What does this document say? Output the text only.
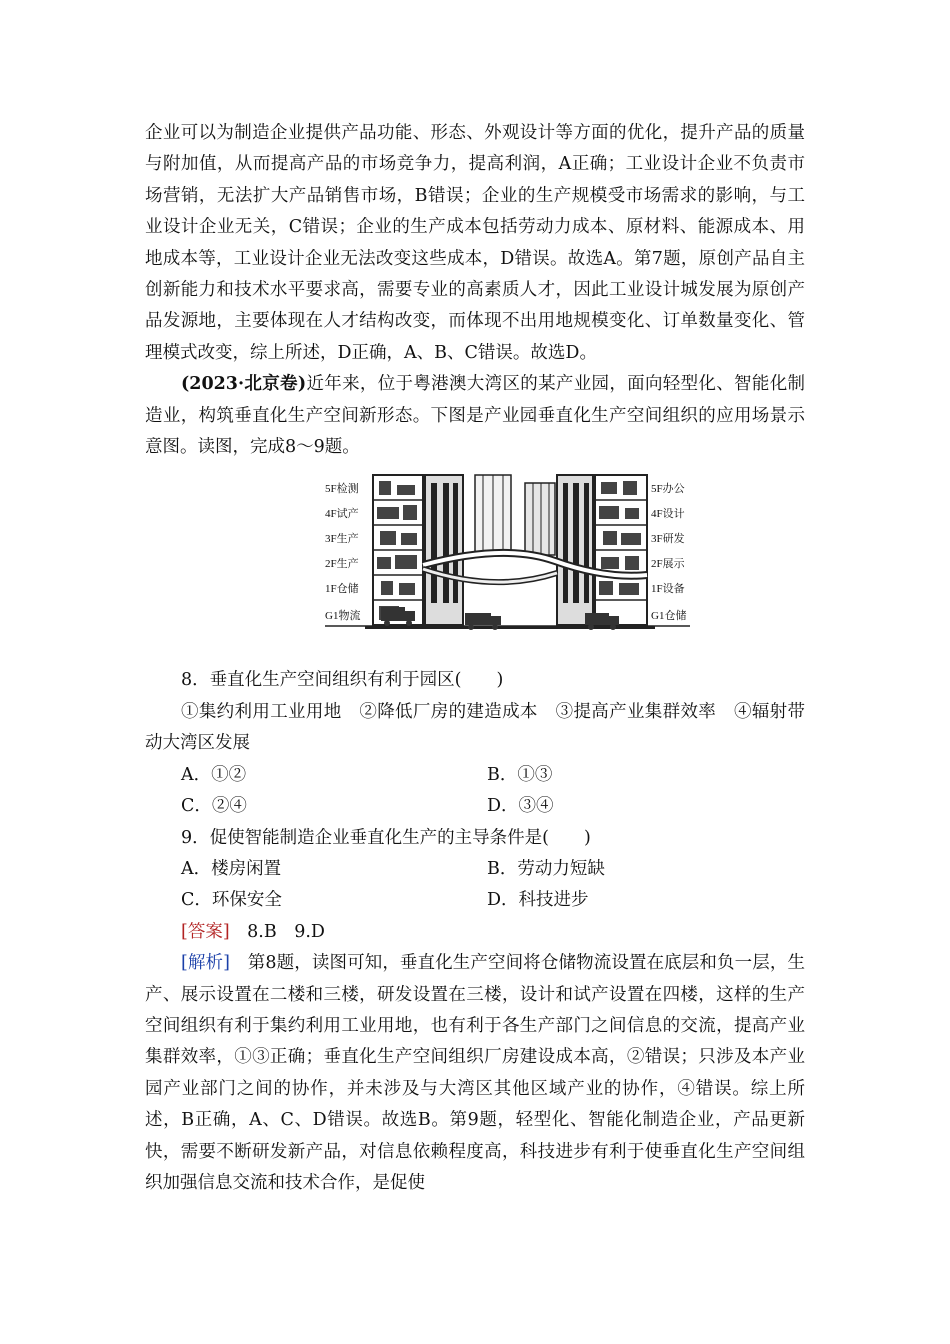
企业可以为制造企业提供产品功能、形态、外观设计等方面的优化，提升产品的质量与附加值，从而提高产品的市场竞争力，提高利润，A正确；工业设计企业不负责市场营销，无法扩大产品销售市场，B错误；企业的生产规模受市场需求的影响，与工业设计企业无关，C错误；企业的生产成本包括劳动力成本、原材料、能源成本、用地成本等，工业设计企业无法改变这些成本，D错误。故选A。第7题，原创产品自主创新能力和技术水平要求高，需要专业的高素质人才，因此工业设计城发展为原创产品发源地，主要体现在人才结构改变，而体现不出用地规模变化、订单数量变化、管理模式改变，综上所述，D正确，A、B、C错误。故选D。

(2023·北京卷)近年来，位于粤港澳大湾区的某产业园，面向轻型化、智能化制造业，构筑垂直化生产空间新形态。下图是产业园垂直化生产空间组织的应用场景示意图。读图，完成8～9题。

5F检测
4F试产
3F生产
2F生产
1F仓储
G1物流
5F办公
4F设计
3F研发
2F展示
1F设备
G1仓储

8．垂直化生产空间组织有利于园区(　　)

①集约利用工业用地　②降低厂房的建造成本　③提高产业集群效率　④辐射带动大湾区发展

A．①②	B．①③
C．②④	D．③④

9．促使智能制造企业垂直化生产的主导条件是(　　)

A．楼房闲置	B．劳动力短缺
C．环保安全	D．科技进步

[答案]　 8.B　9.D

[解析]　 第8题，读图可知，垂直化生产空间将仓储物流设置在底层和负一层，生产、展示设置在二楼和三楼，研发设置在三楼，设计和试产设置在四楼，这样的生产空间组织有利于集约利用工业用地，也有利于各生产部门之间信息的交流，提高产业集群效率，①③正确；垂直化生产空间组织厂房建设成本高，②错误；只涉及本产业园产业部门之间的协作，并未涉及与大湾区其他区域产业的协作，④错误。综上所述，B正确，A、C、D错误。故选B。第9题，轻型化、智能化制造企业，产品更新快，需要不断研发新产品，对信息依赖程度高，科技进步有利于使垂直化生产空间组织加强信息交流和技术合作，是促使
